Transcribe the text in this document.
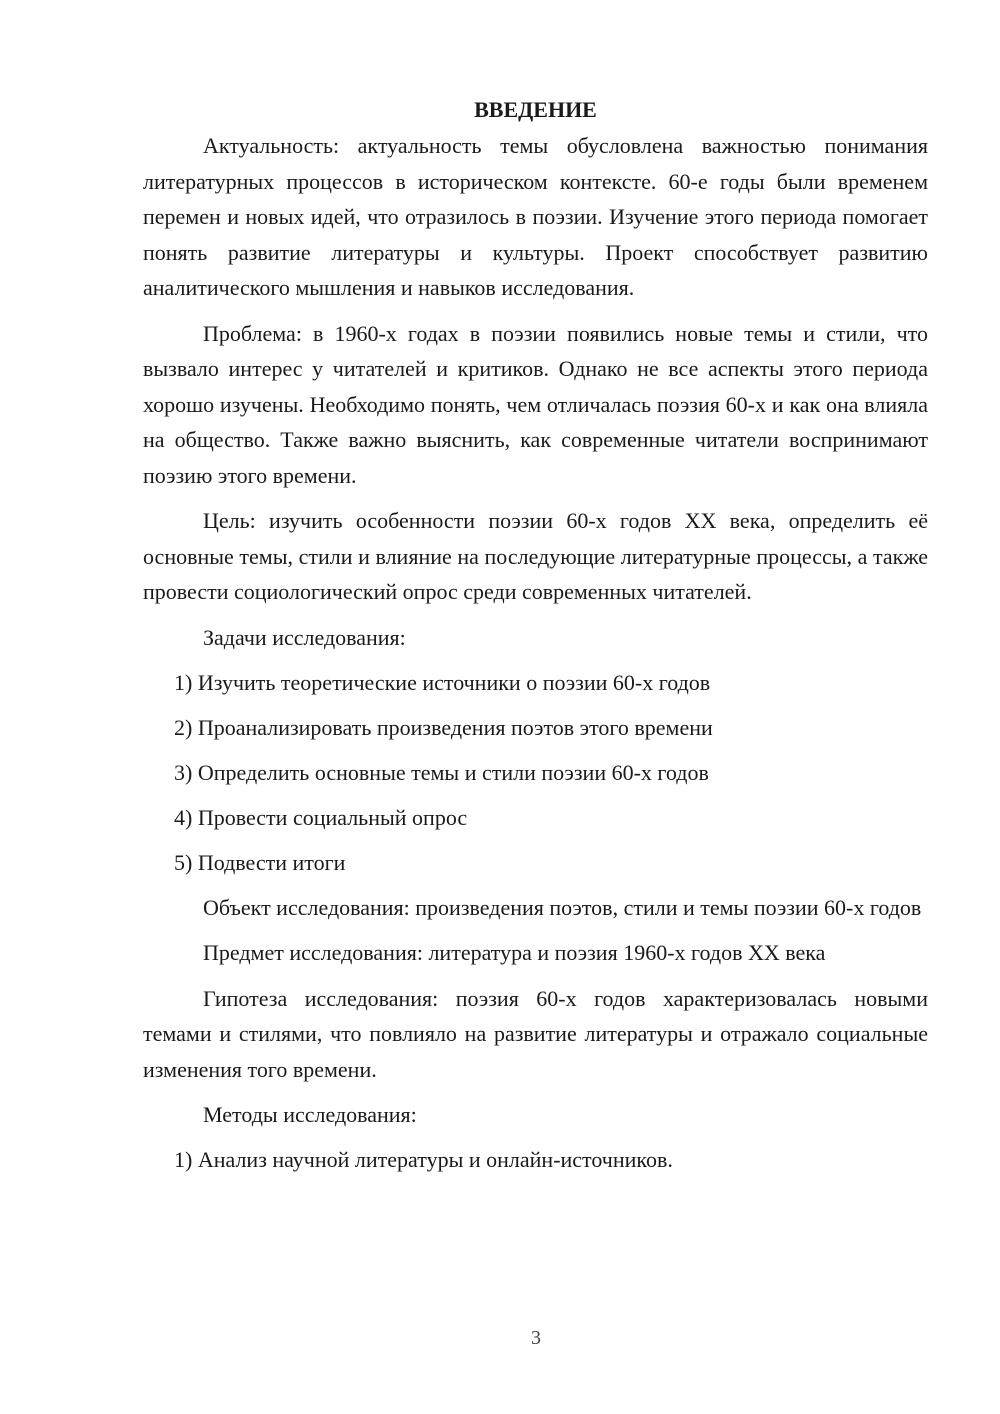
ВВЕДЕНИЕ

Актуальность: актуальность темы обусловлена важностью понимания литературных процессов в историческом контексте. 60-е годы были временем перемен и новых идей, что отразилось в поэзии. Изучение этого периода помогает понять развитие литературы и культуры. Проект способствует развитию аналитического мышления и навыков исследования.

Проблема: в 1960-х годах в поэзии появились новые темы и стили, что вызвало интерес у читателей и критиков. Однако не все аспекты этого периода хорошо изучены. Необходимо понять, чем отличалась поэзия 60-х и как она влияла на общество. Также важно выяснить, как современные читатели воспринимают поэзию этого времени.

Цель: изучить особенности поэзии 60-х годов XX века, определить её основные темы, стили и влияние на последующие литературные процессы, а также провести социологический опрос среди современных читателей.

Задачи исследования:

1) Изучить теоретические источники о поэзии 60-х годов

2) Проанализировать произведения поэтов этого времени

3) Определить основные темы и стили поэзии 60-х годов

4) Провести социальный опрос

5) Подвести итоги

Объект исследования: произведения поэтов, стили и темы поэзии 60-х годов

Предмет исследования: литература и поэзия 1960-х годов XX века

Гипотеза исследования: поэзия 60-х годов характеризовалась новыми темами и стилями, что повлияло на развитие литературы и отражало социальные изменения того времени.

Методы исследования:

1) Анализ научной литературы и онлайн-источников.

3
